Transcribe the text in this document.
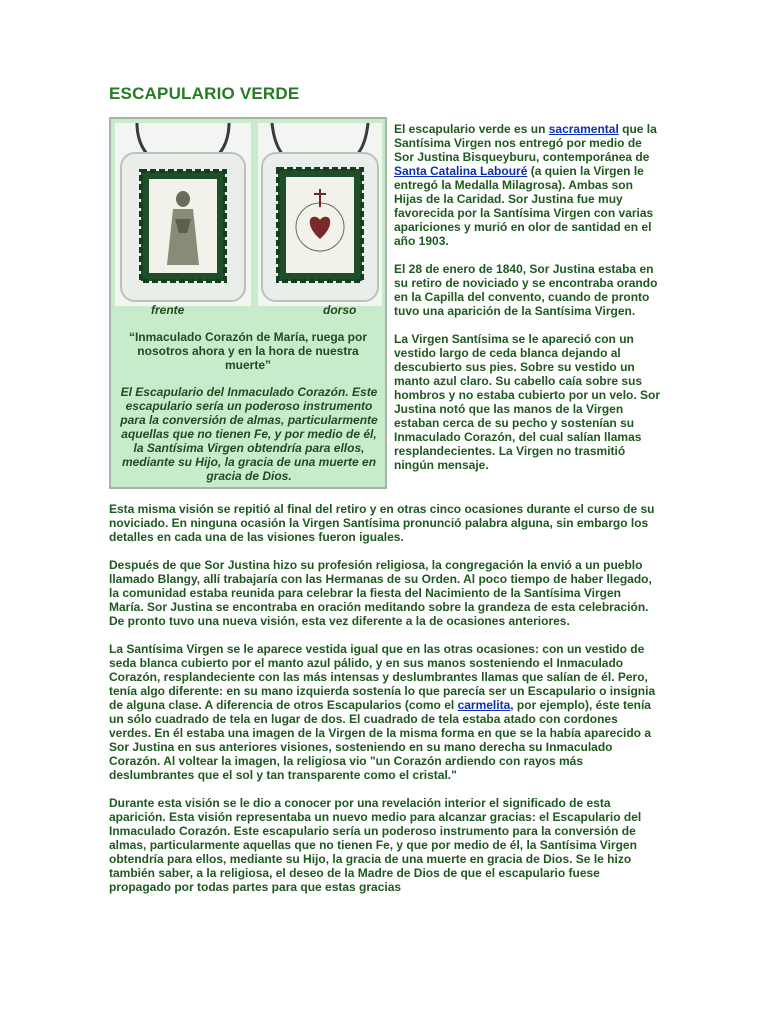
ESCAPULARIO VERDE
frente	dorso

“Inmaculado Corazón de María, ruega por nosotros ahora y en la hora de nuestra muerte”

El Escapulario del Inmaculado Corazón. Este escapulario sería un poderoso instrumento para la conversión de almas, particularmente aquellas que no tienen Fe, y por medio de él, la Santísima Virgen obtendría para ellos, mediante su Hijo, la gracia de una muerte en gracia de Dios.

El escapulario verde es un sacramental que la Santísima Virgen nos entregó por medio de Sor Justina Bisqueyburu, contemporánea de Santa Catalina Labouré (a quien la Virgen le entregó la Medalla Milagrosa). Ambas son Hijas de la Caridad. Sor Justina fue muy favorecida por la Santísima Virgen con varias apariciones y murió en olor de santidad en el año 1903.

El 28 de enero de 1840, Sor Justina estaba en su retiro de noviciado y se encontraba orando en la Capilla del convento, cuando de pronto tuvo una aparición de la Santísima Virgen.

La Virgen Santísima se le apareció con un vestido largo de ceda blanca dejando al descubierto sus pies. Sobre su vestido un manto azul claro. Su cabello caía sobre sus hombros y no estaba cubierto por un velo. Sor Justina notó que las manos de la Virgen estaban cerca de su pecho y sostenían su Inmaculado Corazón, del cual salían llamas resplandecientes. La Virgen no trasmitió ningún mensaje.

Esta misma visión se repitió al final del retiro y en otras cinco ocasiones durante el curso de su noviciado. En ninguna ocasión la Virgen Santísima pronunció palabra alguna, sin embargo los detalles en cada una de las visiones fueron iguales.

Después de que Sor Justina hizo su profesión religiosa, la congregación la envió a un pueblo llamado Blangy, allí trabajaría con las Hermanas de su Orden. Al poco tiempo de haber llegado, la comunidad estaba reunida para celebrar la fiesta del Nacimiento de la Santísima Virgen María. Sor Justina se encontraba en oración meditando sobre la grandeza de esta celebración. De pronto tuvo una nueva visión, esta vez diferente a la de ocasiones anteriores.

La Santísima Virgen se le aparece vestida igual que en las otras ocasiones: con un vestido de seda blanca cubierto por el manto azul pálido, y en sus manos sosteniendo el Inmaculado Corazón, resplandeciente con las más intensas y deslumbrantes llamas que salían de él. Pero, tenía algo diferente: en su mano izquierda sostenía lo que parecía ser un Escapulario o insignia de alguna clase. A diferencia de otros Escapularios (como el carmelita, por ejemplo), éste tenía un sólo cuadrado de tela en lugar de dos. El cuadrado de tela estaba atado con cordones verdes. En él estaba una imagen de la Virgen de la misma forma en que se la había aparecido a Sor Justina en sus anteriores visiones, sosteniendo en su mano derecha su Inmaculado Corazón. Al voltear la imagen, la religiosa vio "un Corazón ardiendo con rayos más deslumbrantes que el sol y tan transparente como el cristal."

Durante esta visión se le dio a conocer por una revelación interior el significado de esta aparición. Esta visión representaba un nuevo medio para alcanzar gracias: el Escapulario del Inmaculado Corazón. Este escapulario sería un poderoso instrumento para la conversión de almas, particularmente aquellas que no tienen Fe, y que por medio de él, la Santísima Virgen obtendría para ellos, mediante su Hijo, la gracia de una muerte en gracia de Dios. Se le hizo también saber, a la religiosa, el deseo de la Madre de Dios de que el escapulario fuese propagado por todas partes para que estas gracias
